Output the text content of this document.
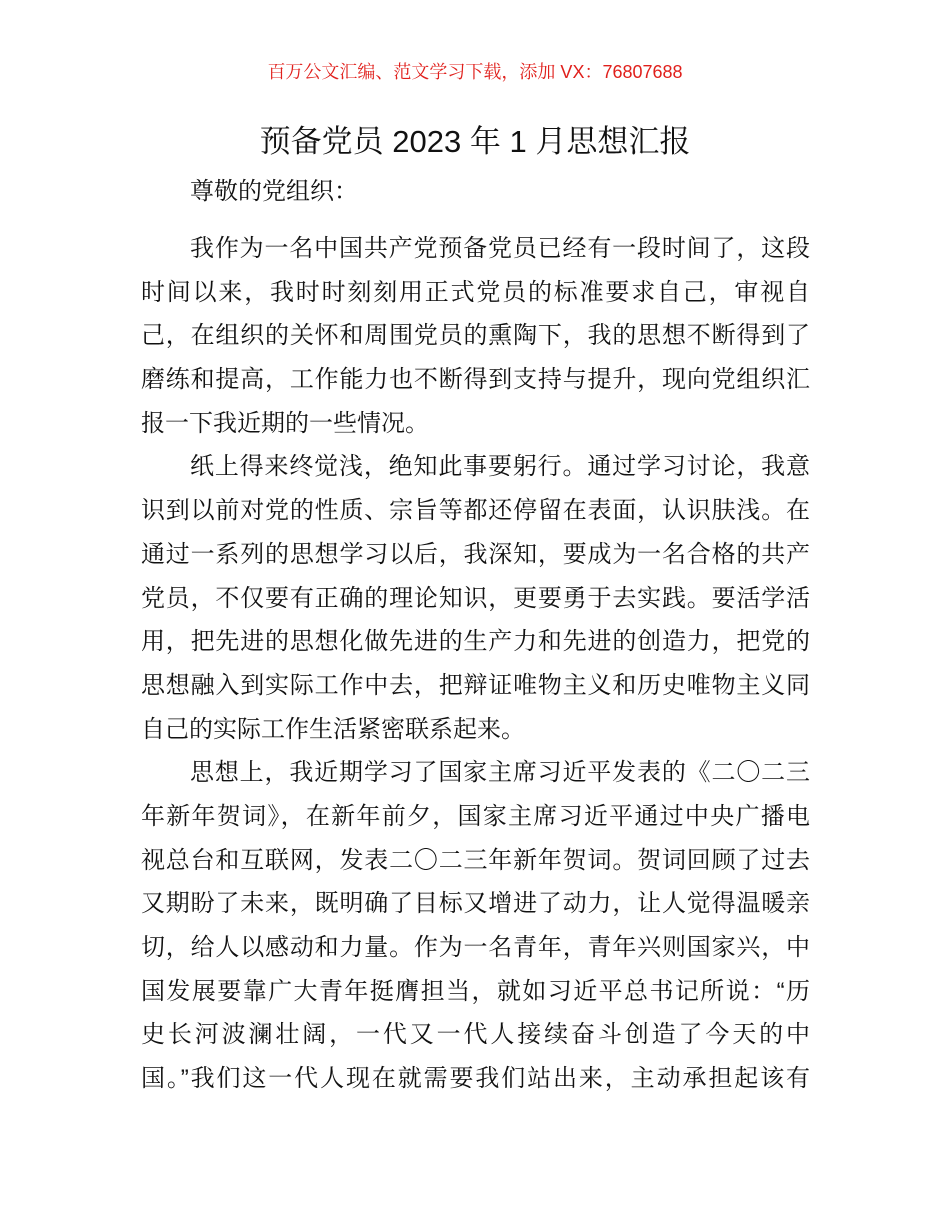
百万公文汇编、范文学习下载，添加 VX：76807688
预备党员 2023 年 1 月思想汇报
尊敬的党组织：
我作为一名中国共产党预备党员已经有一段时间了，这段
时间以来，我时时刻刻用正式党员的标准要求自己，审视自
己，在组织的关怀和周围党员的熏陶下，我的思想不断得到了
磨练和提高，工作能力也不断得到支持与提升，现向党组织汇
报一下我近期的一些情况。
纸上得来终觉浅，绝知此事要躬行。通过学习讨论，我意
识到以前对党的性质、宗旨等都还停留在表面，认识肤浅。在
通过一系列的思想学习以后，我深知，要成为一名合格的共产
党员，不仅要有正确的理论知识，更要勇于去实践。要活学活
用，把先进的思想化做先进的生产力和先进的创造力，把党的
思想融入到实际工作中去，把辩证唯物主义和历史唯物主义同
自己的实际工作生活紧密联系起来。
思想上，我近期学习了国家主席习近平发表的《二〇二三
年新年贺词》，在新年前夕，国家主席习近平通过中央广播电
视总台和互联网，发表二〇二三年新年贺词。贺词回顾了过去
又期盼了未来，既明确了目标又增进了动力，让人觉得温暖亲
切，给人以感动和力量。作为一名青年，青年兴则国家兴，中
国发展要靠广大青年挺膺担当，就如习近平总书记所说：“历
史长河波澜壮阔，一代又一代人接续奋斗创造了今天的中
国。”我们这一代人现在就需要我们站出来，主动承担起该有
